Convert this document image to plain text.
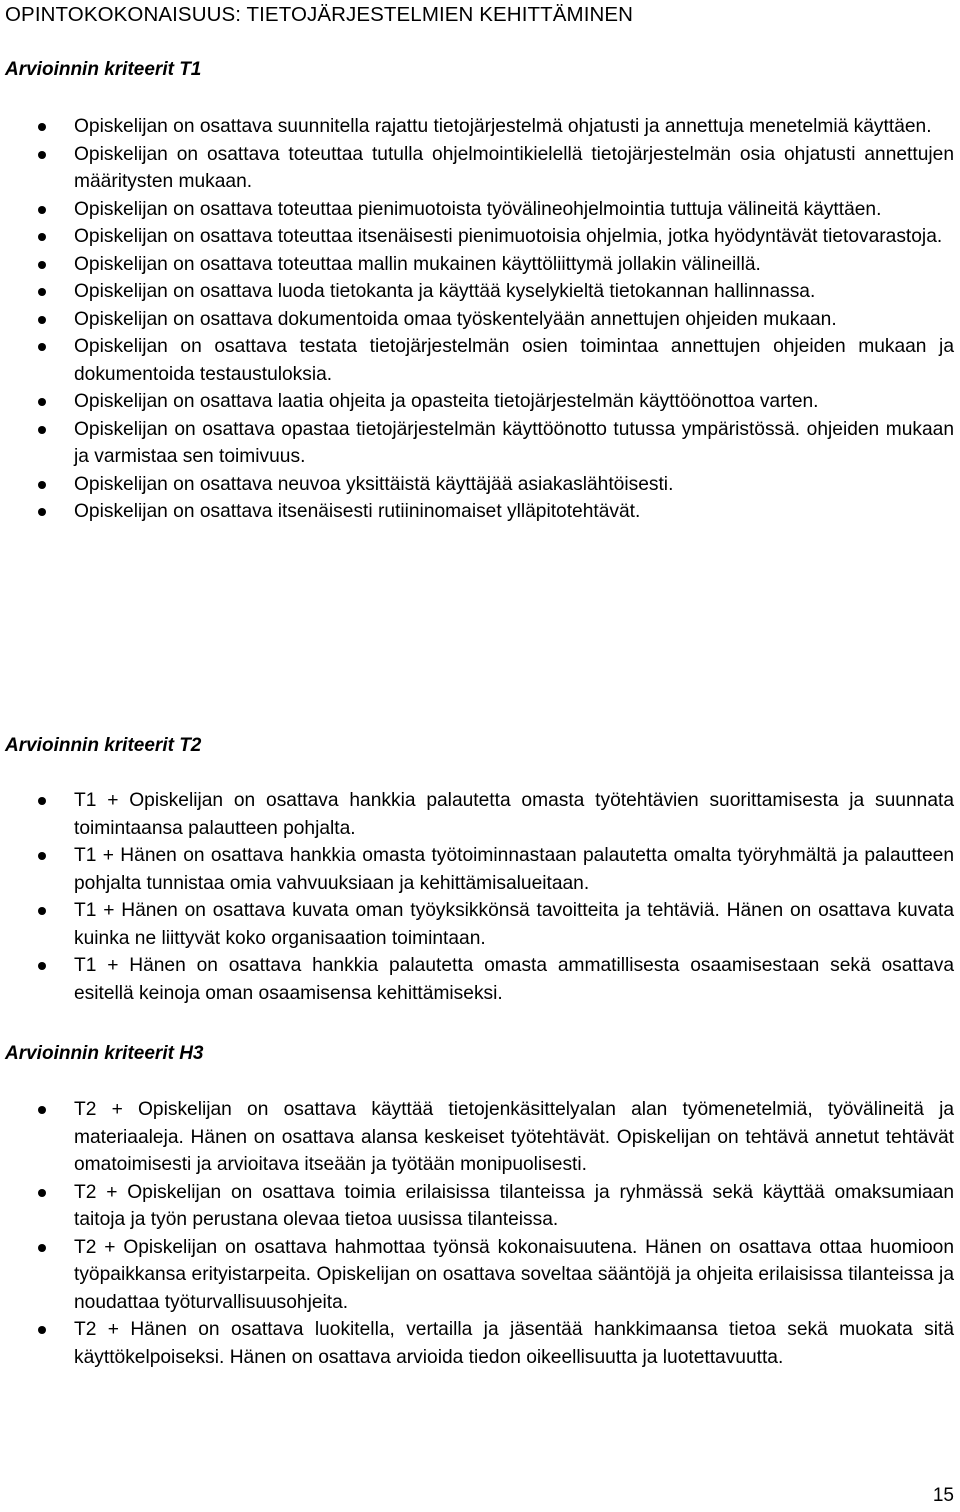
OPINTOKOKONAISUUS: TIETOJÄRJESTELMIEN KEHITTÄMINEN
Arvioinnin kriteerit T1
Opiskelijan on osattava suunnitella rajattu tietojärjestelmä ohjatusti ja annettuja menetelmiä käyttäen.
Opiskelijan on osattava toteuttaa tutulla ohjelmointikielellä tietojärjestelmän osia ohjatusti annettujen määritysten mukaan.
Opiskelijan on osattava toteuttaa pienimuotoista työvälineohjelmointia tuttuja välineitä käyttäen.
Opiskelijan on osattava toteuttaa itsenäisesti pienimuotoisia ohjelmia, jotka hyödyntävät tietovarastoja.
Opiskelijan on osattava toteuttaa mallin mukainen käyttöliittymä jollakin välineillä.
Opiskelijan on osattava luoda tietokanta ja käyttää kyselykieltä tietokannan hallinnassa.
Opiskelijan on osattava dokumentoida omaa työskentelyään annettujen ohjeiden mukaan.
Opiskelijan on osattava testata tietojärjestelmän osien toimintaa annettujen ohjeiden mukaan ja dokumentoida testaustuloksia.
Opiskelijan on osattava laatia ohjeita ja opasteita tietojärjestelmän käyttöönottoa varten.
Opiskelijan on osattava opastaa tietojärjestelmän käyttöönotto tutussa ympäristössä. ohjeiden mukaan ja varmistaa sen toimivuus.
Opiskelijan on osattava neuvoa yksittäistä käyttäjää asiakaslähtöisesti.
Opiskelijan on osattava itsenäisesti rutiininomaiset ylläpitotehtävät.
Arvioinnin kriteerit T2
T1 + Opiskelijan on osattava hankkia palautetta omasta työtehtävien suorittamisesta ja suunnata toimintaansa palautteen pohjalta.
T1 + Hänen on osattava hankkia omasta työtoiminnastaan palautetta omalta työryhmältä ja palautteen pohjalta tunnistaa omia vahvuuksiaan ja kehittämisalueitaan.
T1 + Hänen on osattava kuvata oman työyksikkönsä tavoitteita ja tehtäviä. Hänen on osattava kuvata kuinka ne liittyvät koko organisaation toimintaan.
T1 + Hänen on osattava hankkia palautetta omasta ammatillisesta osaamisestaan sekä osattava esitellä keinoja oman osaamisensa kehittämiseksi.
Arvioinnin kriteerit H3
T2 + Opiskelijan on osattava käyttää tietojenkäsittelyalan alan työmenetelmiä, työvälineitä ja materiaaleja. Hänen on osattava alansa keskeiset työtehtävät. Opiskelijan on tehtävä annetut tehtävät omatoimisesti ja arvioitava itseään ja työtään monipuolisesti.
T2 + Opiskelijan on osattava toimia erilaisissa tilanteissa ja ryhmässä sekä käyttää omaksumiaan taitoja ja työn perustana olevaa tietoa uusissa tilanteissa.
T2 + Opiskelijan on osattava hahmottaa työnsä kokonaisuutena. Hänen on osattava ottaa huomioon työpaikkansa erityistarpeita. Opiskelijan on osattava soveltaa sääntöjä ja ohjeita erilaisissa tilanteissa ja noudattaa työturvallisuusohjeita.
T2 + Hänen on osattava luokitella, vertailla ja jäsentää hankkimaansa tietoa sekä muokata sitä käyttökelpoiseksi. Hänen on osattava arvioida tiedon oikeellisuutta ja luotettavuutta.
15
